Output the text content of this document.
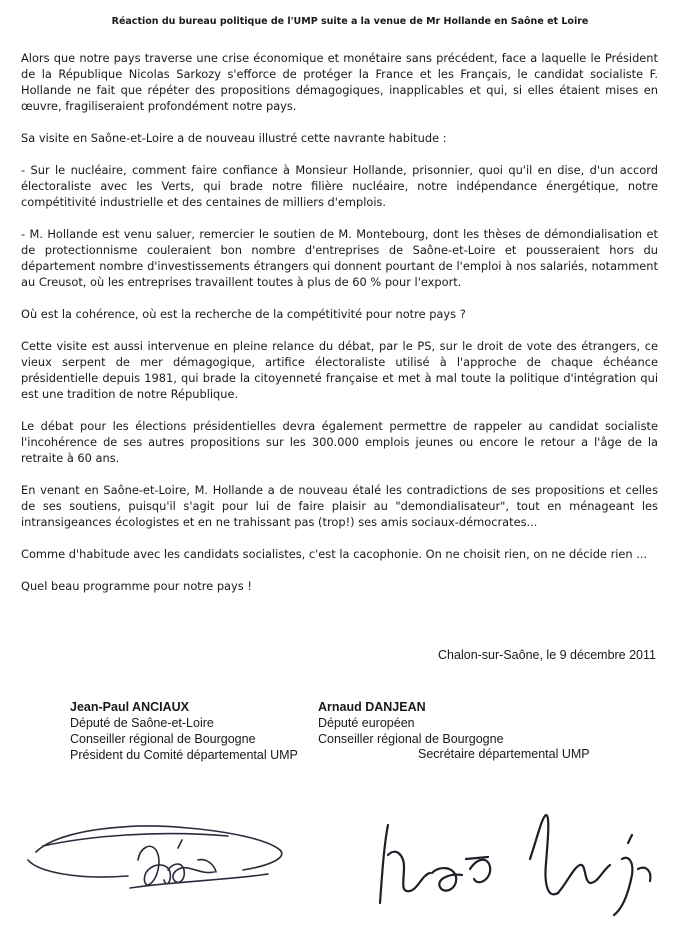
Réaction du bureau politique de l'UMP suite a la venue de Mr Hollande en Saône et Loire

Alors que notre pays traverse une crise économique et monétaire sans précédent, face a laquelle le Président de la République Nicolas Sarkozy s'efforce de protéger la France et les Français, le candidat socialiste F. Hollande ne fait que répéter des propositions démagogiques, inapplicables et qui, si elles étaient mises en œuvre, fragiliseraient profondément notre pays.

Sa visite en Saône-et-Loire a de nouveau illustré cette navrante habitude :

- Sur le nucléaire, comment faire confiance à Monsieur Hollande, prisonnier, quoi qu'il en dise, d'un accord électoraliste avec les Verts, qui brade notre filière nucléaire, notre indépendance énergétique, notre compétitivité industrielle et des centaines de milliers d'emplois.

- M. Hollande est venu saluer, remercier le soutien de M. Montebourg, dont les thèses de démondialisation et de protectionnisme couleraient bon nombre d'entreprises de Saône-et-Loire et pousseraient hors du département nombre d'investissements étrangers qui donnent pourtant de l'emploi à nos salariés, notamment au Creusot, où les entreprises travaillent toutes à plus de 60 % pour l'export.

Où est la cohérence, où est la recherche de la compétitivité pour notre pays ?

Cette visite est aussi intervenue en pleine relance du débat, par le PS, sur le droit de vote des étrangers, ce vieux serpent de mer démagogique, artifice électoraliste utilisé à l'approche de chaque échéance présidentielle depuis 1981, qui brade la citoyenneté française et met à mal toute la politique d'intégration qui est une tradition de notre République.

Le débat pour les élections présidentielles devra également permettre de rappeler au candidat socialiste l'incohérence de ses autres propositions sur les 300.000 emplois jeunes ou encore le retour a l'âge de la retraite à 60 ans.

En venant en Saône-et-Loire, M. Hollande a de nouveau étalé les contradictions de ses propositions et celles de ses soutiens, puisqu'il s'agit pour lui de faire plaisir au "demondialisateur", tout en ménageant les intransigeances écologistes et en ne trahissant pas (trop!) ses amis sociaux-démocrates...

Comme d'habitude avec les candidats socialistes, c'est la cacophonie. On ne choisit rien, on ne décide rien ...

Quel beau programme pour notre pays !

Chalon-sur-Saône, le 9 décembre 2011
Jean-Paul ANCIAUX
Député de Saône-et-Loire
Conseiller régional de Bourgogne
Président du Comité départemental UMP
Arnaud DANJEAN
Député européen
Conseiller régional de Bourgogne
Secrétaire départemental UMP
